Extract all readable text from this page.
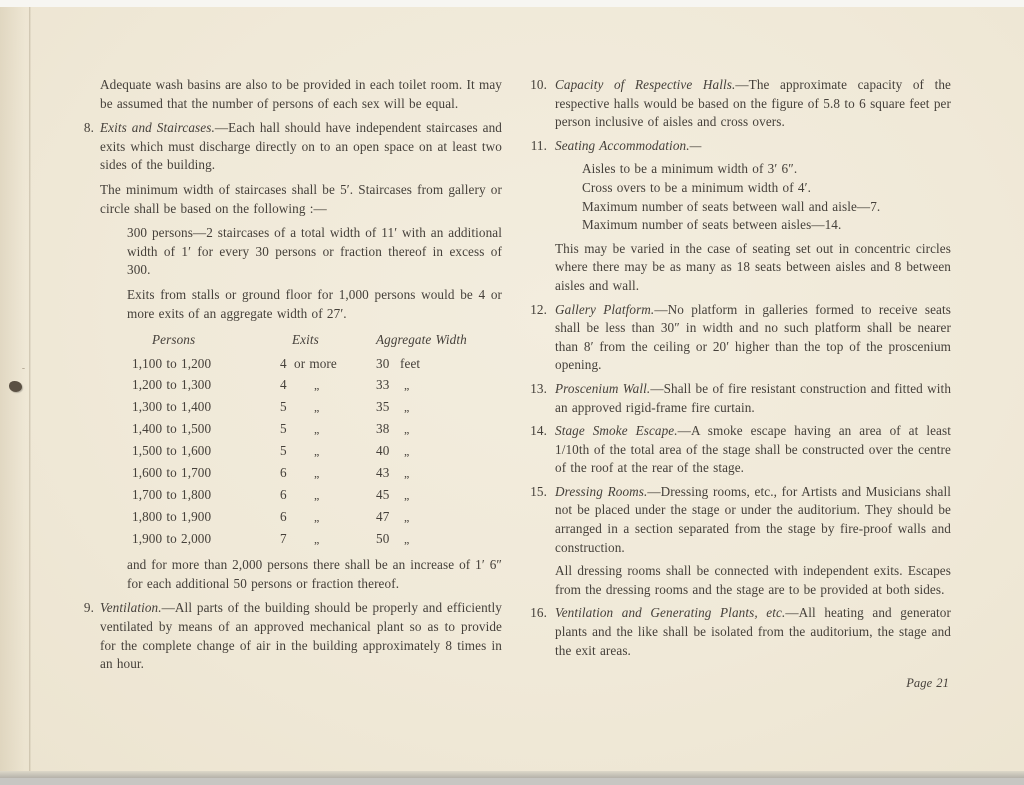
Adequate wash basins are also to be provided in each toilet room. It may be assumed that the number of persons of each sex will be equal.

8. Exits and Staircases.—Each hall should have independent staircases and exits which must discharge directly on to an open space on at least two sides of the building.

The minimum width of staircases shall be 5′. Staircases from gallery or circle shall be based on the following :—

300 persons—2 staircases of a total width of 11′ with an additional width of 1′ for every 30 persons or fraction thereof in excess of 300.

Exits from stalls or ground floor for 1,000 persons would be 4 or more exits of an aggregate width of 27′.

Persons	Exits	Aggregate Width
1,100 to 1,200	4 or more	30 feet
1,200 to 1,300	4 „	33 „
1,300 to 1,400	5 „	35 „
1,400 to 1,500	5 „	38 „
1,500 to 1,600	5 „	40 „
1,600 to 1,700	6 „	43 „
1,700 to 1,800	6 „	45 „
1,800 to 1,900	6 „	47 „
1,900 to 2,000	7 „	50 „

and for more than 2,000 persons there shall be an increase of 1′ 6″ for each additional 50 persons or fraction thereof.

9. Ventilation.—All parts of the building should be properly and efficiently ventilated by means of an approved mechanical plant so as to provide for the complete change of air in the building approximately 8 times in an hour.

10. Capacity of Respective Halls.—The approximate capacity of the respective halls would be based on the figure of 5.8 to 6 square feet per person inclusive of aisles and cross overs.

11. Seating Accommodation.—

Aisles to be a minimum width of 3′ 6″.

Cross overs to be a minimum width of 4′.

Maximum number of seats between wall and aisle—7.

Maximum number of seats between aisles—14.

This may be varied in the case of seating set out in concentric circles where there may be as many as 18 seats between aisles and 8 between aisles and wall.

12. Gallery Platform.—No platform in galleries formed to receive seats shall be less than 30″ in width and no such platform shall be nearer than 8′ from the ceiling or 20′ higher than the top of the proscenium opening.

13. Proscenium Wall.—Shall be of fire resistant construction and fitted with an approved rigid-frame fire curtain.

14. Stage Smoke Escape.—A smoke escape having an area of at least 1/10th of the total area of the stage shall be constructed over the centre of the roof at the rear of the stage.

15. Dressing Rooms.—Dressing rooms, etc., for Artists and Musicians shall not be placed under the stage or under the auditorium. They should be arranged in a section separated from the stage by fire-proof walls and construction.

All dressing rooms shall be connected with independent exits. Escapes from the dressing rooms and the stage are to be provided at both sides.

16. Ventilation and Generating Plants, etc.—All heating and generator plants and the like shall be isolated from the auditorium, the stage and the exit areas.

Page 21
